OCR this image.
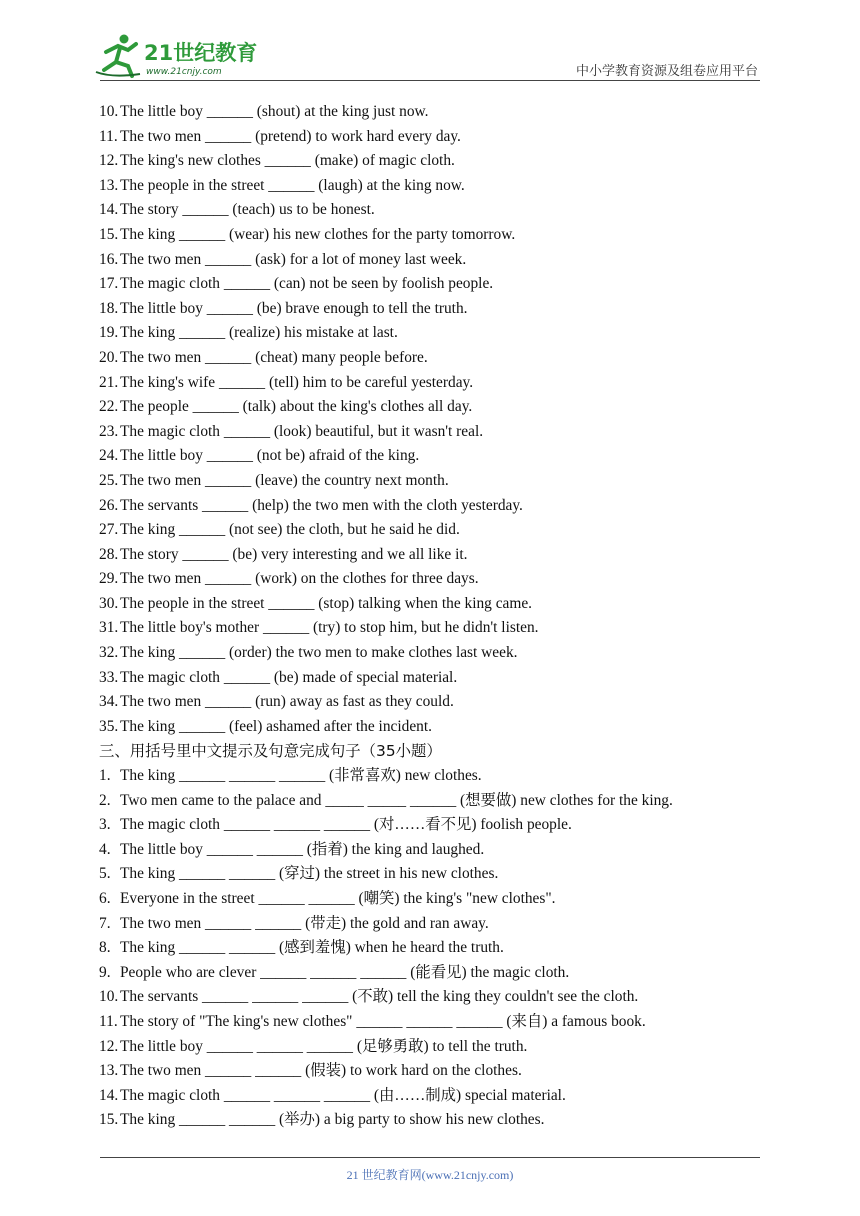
21世纪教育
www.21cnjy.com	中小学教育资源及组卷应用平台
10. The little boy ______ (shout) at the king just now.
11. The two men ______ (pretend) to work hard every day.
12. The king's new clothes ______ (make) of magic cloth.
13. The people in the street ______ (laugh) at the king now.
14. The story ______ (teach) us to be honest.
15. The king ______ (wear) his new clothes for the party tomorrow.
16. The two men ______ (ask) for a lot of money last week.
17. The magic cloth ______ (can) not be seen by foolish people.
18. The little boy ______ (be) brave enough to tell the truth.
19. The king ______ (realize) his mistake at last.
20. The two men ______ (cheat) many people before.
21. The king's wife ______ (tell) him to be careful yesterday.
22. The people ______ (talk) about the king's clothes all day.
23. The magic cloth ______ (look) beautiful, but it wasn't real.
24. The little boy ______ (not be) afraid of the king.
25. The two men ______ (leave) the country next month.
26. The servants ______ (help) the two men with the cloth yesterday.
27. The king ______ (not see) the cloth, but he said he did.
28. The story ______ (be) very interesting and we all like it.
29. The two men ______ (work) on the clothes for three days.
30. The people in the street ______ (stop) talking when the king came.
31. The little boy's mother ______ (try) to stop him, but he didn't listen.
32. The king ______ (order) the two men to make clothes last week.
33. The magic cloth ______ (be) made of special material.
34. The two men ______ (run) away as fast as they could.
35. The king ______ (feel) ashamed after the incident.
三、用括号里中文提示及句意完成句子（35小题）
1. The king ______ ______ ______ (非常喜欢) new clothes.
2. Two men came to the palace and _____ _____ ______ (想要做) new clothes for the king.
3. The magic cloth ______ ______ ______ (对……看不见) foolish people.
4. The little boy ______ ______ (指着) the king and laughed.
5. The king ______ ______ (穿过) the street in his new clothes.
6. Everyone in the street ______ ______ (嘲笑) the king's "new clothes".
7. The two men ______ ______ (带走) the gold and ran away.
8. The king ______ ______ (感到羞愧) when he heard the truth.
9. People who are clever ______ ______ ______ (能看见) the magic cloth.
10. The servants ______ ______ ______ (不敢) tell the king they couldn't see the cloth.
11. The story of "The king's new clothes" ______ ______ ______ (来自) a famous book.
12. The little boy ______ ______ ______ (足够勇敢) to tell the truth.
13. The two men ______ ______ (假装) to work hard on the clothes.
14. The magic cloth ______ ______ ______ (由……制成) special material.
15. The king ______ ______ (举办) a big party to show his new clothes.
21 世纪教育网(www.21cnjy.com)
